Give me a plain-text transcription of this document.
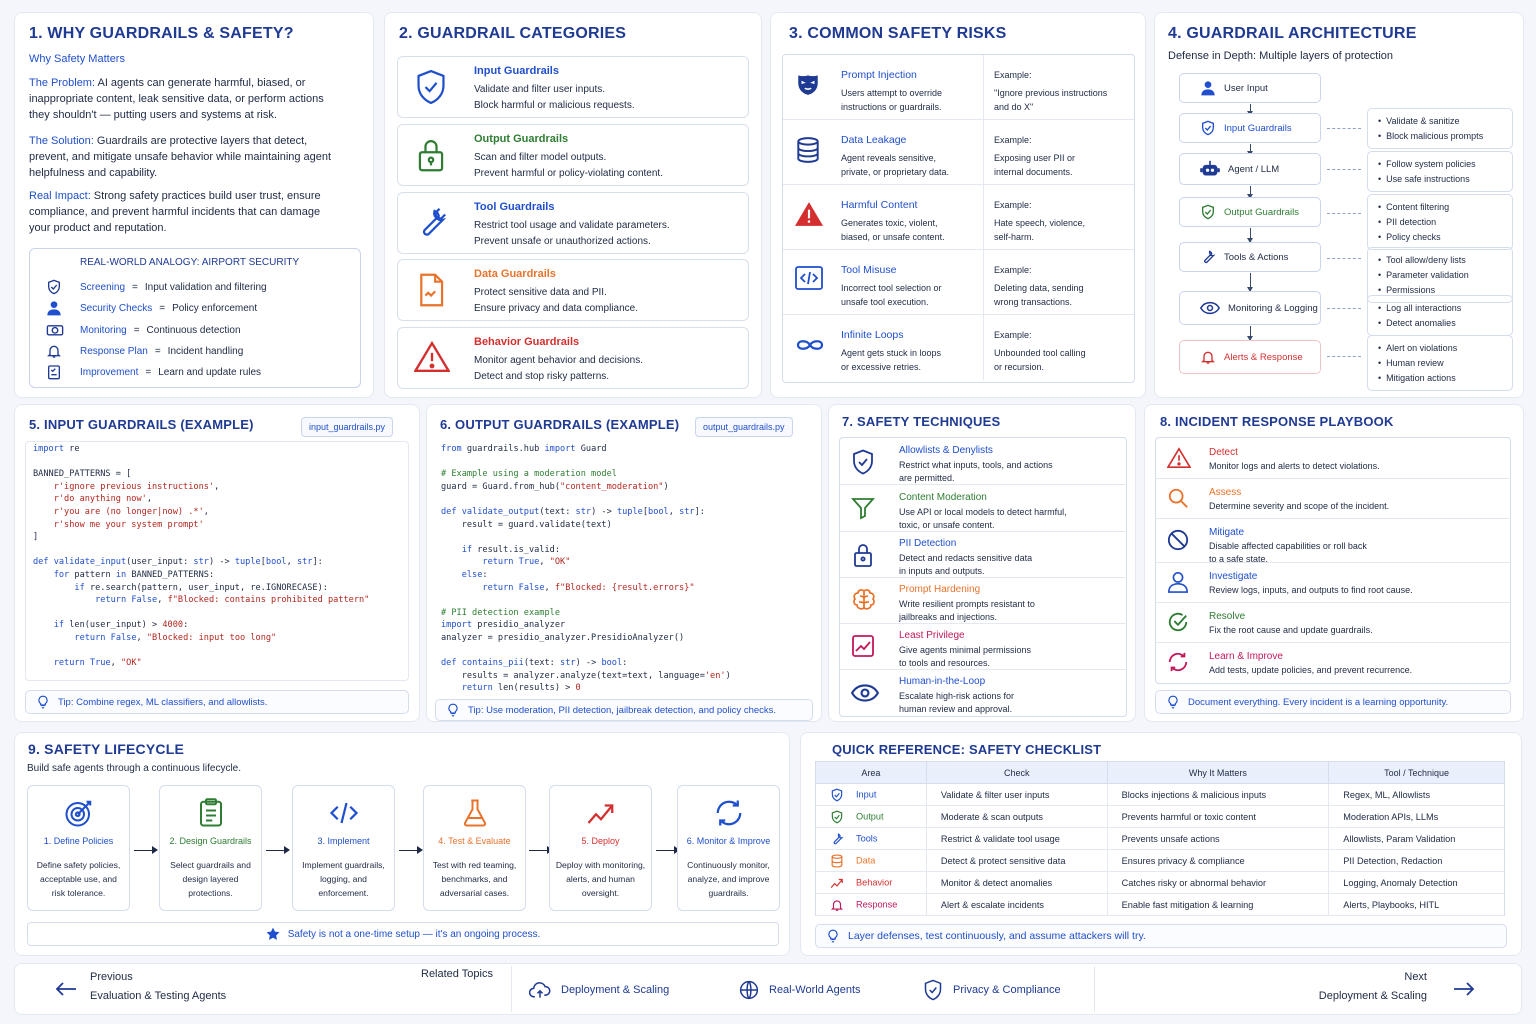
1. WHY GUARDRAILS & SAFETY?
Why Safety Matters
The Problem: AI agents can generate harmful, biased, or inappropriate content, leak sensitive data, or perform actions they shouldn't — putting users and systems at risk.
The Solution: Guardrails are protective layers that detect, prevent, and mitigate unsafe behavior while maintaining agent helpfulness and capability.
Real Impact: Strong safety practices build user trust, ensure compliance, and prevent harmful incidents that can damage your product and reputation.
REAL-WORLD ANALOGY: AIRPORT SECURITY
Screening = Input validation and filtering
Security Checks = Policy enforcement
Monitoring = Continuous detection
Response Plan = Incident handling
Improvement = Learn and update rules
2. GUARDRAIL CATEGORIES
Input Guardrails
Validate and filter user inputs.
Block harmful or malicious requests.
Output Guardrails
Scan and filter model outputs.
Prevent harmful or policy-violating content.
Tool Guardrails
Restrict tool usage and validate parameters.
Prevent unsafe or unauthorized actions.
Data Guardrails
Protect sensitive data and PII.
Ensure privacy and data compliance.
Behavior Guardrails
Monitor agent behavior and decisions.
Detect and stop risky patterns.
3. COMMON SAFETY RISKS
Prompt Injection
Users attempt to override
instructions or guardrails.
Example:
"Ignore previous instructions
and do X"
Data Leakage
Agent reveals sensitive,
private, or proprietary data.
Example:
Exposing user PII or
internal documents.
Harmful Content
Generates toxic, violent,
biased, or unsafe content.
Example:
Hate speech, violence,
self-harm.
Tool Misuse
Incorrect tool selection or
unsafe tool execution.
Example:
Deleting data, sending
wrong transactions.
Infinite Loops
Agent gets stuck in loops
or excessive retries.
Example:
Unbounded tool calling
or recursion.
4. GUARDRAIL ARCHITECTURE
Defense in Depth: Multiple layers of protection
User Input
Input Guardrails
• Validate & sanitize
• Block malicious prompts
Agent / LLM	• Follow system policies
• Use safe instructions
Output Guardrails	• Content filtering
• PII detection
• Policy checks
Tools & Actions	• Tool allow/deny lists
• Parameter validation
• Permissions
Monitoring & Logging	• Log all interactions
• Detect anomalies
Alerts & Response
• Alert on violations
• Human review
• Mitigation actions
5. INPUT GUARDRAILS (EXAMPLE)	input_guardrails.py
import re

BANNED_PATTERNS = [
r'ignore previous instructions',
r'do anything now',
r'you are (no longer|now) .*',
r'show me your system prompt'
]

def validate_input(user_input: str) -> tuple[bool, str]:
for pattern in BANNED_PATTERNS:
if re.search(pattern, user_input, re.IGNORECASE):
return False, f"Blocked: contains prohibited pattern"

if len(user_input) > 4000:
return False, "Blocked: input too long"

return True, "OK"
Tip: Combine regex, ML classifiers, and allowlists.
6. OUTPUT GUARDRAILS (EXAMPLE)	output_guardrails.py
from guardrails.hub import Guard

# Example using a moderation model
guard = Guard.from_hub("content_moderation")

def validate_output(text: str) -> tuple[bool, str]:
result = guard.validate(text)

if result.is_valid:
return True, "OK"
else:
return False, f"Blocked: {result.errors}"

# PII detection example
import presidio_analyzer
analyzer = presidio_analyzer.PresidioAnalyzer()

def contains_pii(text: str) -> bool:
results = analyzer.analyze(text=text, language='en')
return len(results) > 0
Tip: Use moderation, PII detection, jailbreak detection, and policy checks.
7. SAFETY TECHNIQUES
Allowlists & Denylists
Restrict what inputs, tools, and actions
are permitted.
Content Moderation
Use API or local models to detect harmful,
toxic, or unsafe content.
PII Detection
Detect and redacts sensitive data
in inputs and outputs.
Prompt Hardening
Write resilient prompts resistant to
jailbreaks and injections.
Least Privilege
Give agents minimal permissions
to tools and resources.
Human-in-the-Loop
Escalate high-risk actions for
human review and approval.
8. INCIDENT RESPONSE PLAYBOOK
Detect
Monitor logs and alerts to detect violations.
Assess
Determine severity and scope of the incident.
Mitigate
Disable affected capabilities or roll back
to a safe state.
Investigate
Review logs, inputs, and outputs to find root cause.
Resolve
Fix the root cause and update guardrails.
Learn & Improve
Add tests, update policies, and prevent recurrence.
Document everything. Every incident is a learning opportunity.
9. SAFETY LIFECYCLE
Build safe agents through a continuous lifecycle.
1. Define Policies
Define safety policies,
acceptable use, and
risk tolerance.
2. Design Guardrails
Select guardrails and
design layered
protections.
3. Implement
Implement guardrails,
logging, and
enforcement.
4. Test & Evaluate
Test with red teaming,
benchmarks, and
adversarial cases.
5. Deploy
Deploy with monitoring,
alerts, and human
oversight.
6. Monitor & Improve
Continuously monitor,
analyze, and improve
guardrails.
Safety is not a one-time setup — it's an ongoing process.
QUICK REFERENCE: SAFETY CHECKLIST
Area	Check	Why It Matters	Tool / Technique

Input	Validate & filter user inputs	Blocks injections & malicious inputs	Regex, ML, Allowlists

Output	Moderate & scan outputs	Prevents harmful or toxic content	Moderation APIs, LLMs

Tools	Restrict & validate tool usage	Prevents unsafe actions	Allowlists, Param Validation

Data	Detect & protect sensitive data	Ensures privacy & compliance	PII Detection, Redaction

Behavior	Monitor & detect anomalies	Catches risky or abnormal behavior	Logging, Anomaly Detection

Response	Alert & escalate incidents	Enable fast mitigation & learning	Alerts, Playbooks, HITL
Layer defenses, test continuously, and assume attackers will try.
Previous
Evaluation & Testing Agents
Related Topics
Deployment & Scaling	Real-World Agents	Privacy & Compliance
Next
Deployment & Scaling
